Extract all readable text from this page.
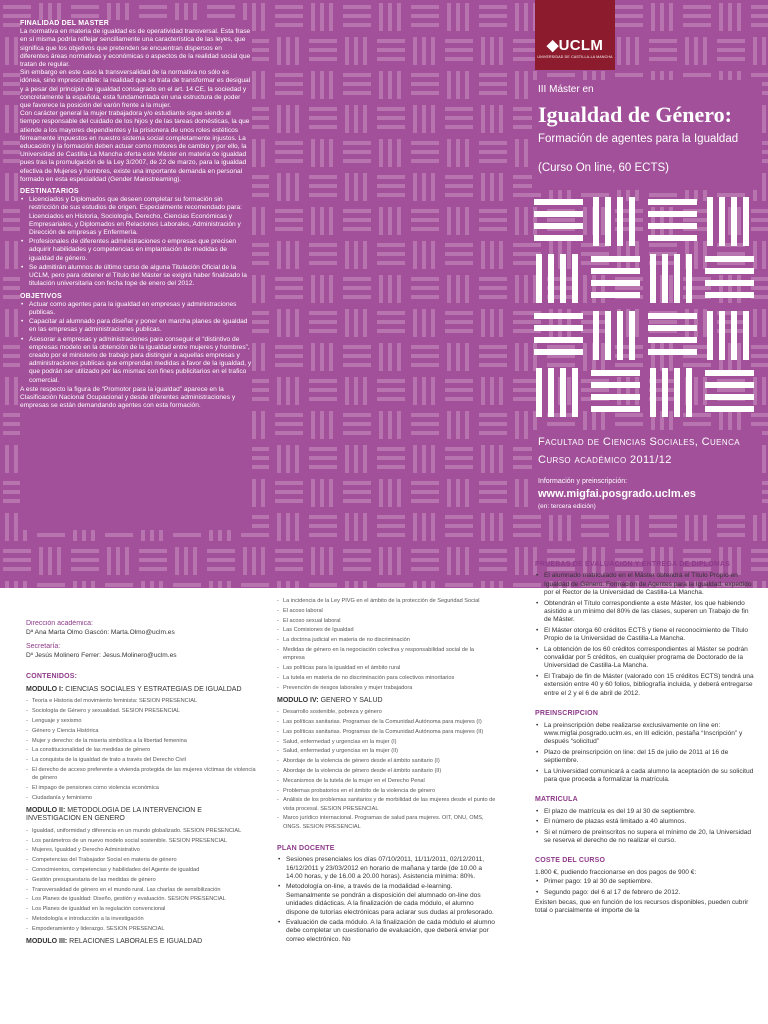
FINALIDAD DEL MASTER

La normativa en materia de igualdad es de operatividad transversal. Esta frase en sí misma podría reflejar sencillamente una característica de las leyes, que significa que los objetivos que pretenden se encuentran dispersos en diferentes áreas normativas y económicas o aspectos de la realidad social que tratan de regular.

Sin embargo en este caso la transversalidad de la normativa no sólo es idónea, sino imprescindible: la realidad que se trata de transformar es desigual y a pesar del principio de igualdad consagrado en el art. 14 CE, la sociedad y concretamente la española, esta fundamentada en una estructura de poder que favorece la posición del varón frente a la mujer.

Con carácter general la mujer trabajadora y/o estudiante sigue siendo al tiempo responsable del cuidado de los hijos y de las tareas domésticas, la que atiende a los mayores dependientes y la prisionera de unos roles estéticos férreamente impuestos en nuestro sistema social completamente injustos. La educación y la formación deben actuar como motores de cambio y por ello, la Universidad de Castilla-La Mancha oferta este Máster en materia de igualdad pues tras la promulgación de la Ley 3/2007, de 22 de marzo, para la igualdad efectiva de Mujeres y hombres, existe una importante demanda en personal formado en esta especialidad (Gender Mainstreaming).

DESTINATARIOS
• Licenciados y Diplomados que deseen completar su formación sin restricción de sus estudios de origen. Especialmente recomendado para: Licenciados en Historia, Sociología, Derecho, Ciencias Económicas y Empresariales, y Diplomados en Relaciones Laborales, Administración y Dirección de empresas y Enfermería.
• Profesionales de diferentes administraciones o empresas que precisen adquirir habilidades y competencias en implantación de medidas de igualdad de género.
• Se admitirán alumnos de último curso de alguna Titulación Oficial de la UCLM, pero para obtener el Título del Máster se exigirá haber finalizado la titulación universitaria con fecha tope de enero del 2012.
OBJETIVOS
• Actuar como agentes para la igualdad en empresas y administraciones publicas.
• Capacitar al alumnado para diseñar y poner en marcha planes de igualdad en las empresas y administraciones publicas.
• Asesorar a empresas y administraciones para conseguir el “distintivo de empresas modelo en la obtención de la igualdad entre mujeres y hombres”, creado por el ministerio de trabajo para distinguir a aquellas empresas y administraciones publicas que emprendan medidas a favor de la igualdad, y que podrán ser utilizado por las mismas con fines publicitarios en el trafico comercial.

A este respecto la figura de “Promotor para la igualdad” aparece en la Clasificación Nacional Ocupacional y desde diferentes administraciones y empresas se están demandando agentes con esta formación.

◆UCLM
UNIVERSIDAD DE CASTILLA-LA MANCHA
III Máster en
Igualdad de Género:
Formación de agentes para la Igualdad
(Curso On line, 60 ECTS)
Facultad de Ciencias Sociales, Cuenca
Curso académico 2011/12
Información y preinscripción:
www.migfai.posgrado.uclm.es
(en: tercera edición)
Dirección académica:

Dª Ana Marta Olmo Gascón: Marta.Olmo@uclm.es

Secretaría:

Dº Jesús Molinero Ferrer: Jesus.Molinero@uclm.es

CONTENIDOS:
MODULO I: CIENCIAS SOCIALES Y ESTRATEGIAS DE IGUALDAD
- Teoría e Historia del movimiento feminista: SESION PRESENCIAL
- Sociología de Género y sexualidad. SESION PRESENCIAL
- Lenguaje y sexismo
- Género y Ciencia Histórica
- Mujer y derecho: de la miseria simbólica a la libertad femenina
- La constitucionalidad de las medidas de género
- La conquista de la igualdad de trato a través del Derecho Civil
- El derecho de acceso preferente a vivienda protegida de las mujeres víctimas de violencia de género
- El impago de pensiones como violencia económica
- Ciudadanía y feminismo
MODULO II: METODOLOGIA DE LA INTERVENCION E INVESTIGACION EN GENERO
- Igualdad, uniformidad y diferencia en un mundo globalizado. SESION PRESENCIAL
- Los parámetros de un nuevo modelo social sostenible. SESION PRESENCIAL
- Mujeres, Igualdad y Derecho Administrativo
- Competencias del Trabajador Social en materia de género
- Conocimientos, competencias y habilidades del Agente de igualdad
- Gestión presupuestaria de las medidas de género
- Transversalidad de género en el mundo rural. Las charlas de sensibilización
- Los Planes de igualdad: Diseño, gestión y evaluación. SESION PRESENCIAL
- Los Planes de igualdad en la regulación convencional
- Metodología e introducción a la investigación
- Empoderamiento y liderazgo. SESION PRESENCIAL
MODULO III: RELACIONES LABORALES E IGUALDAD
- La incidencia de la Ley PIVG en el ámbito de la protección de Seguridad Social
- El acoso laboral
- El acoso sexual laboral
- Las Comisiones de Igualdad
- La doctrina judicial en materia de no discriminación
- Medidas de género en la negociación colectiva y responsabilidad social de la empresa
- Las políticas para la igualdad en el ámbito rural
- La tutela en materia de no discriminación para colectivos minoritarios
- Prevención de riesgos laborales y mujer trabajadora
MODULO IV: GENERO Y SALUD
- Desarrollo sostenible, pobreza y género
- Las políticas sanitarias. Programas de la Comunidad Autónoma para mujeres (I)
- Las políticas sanitarias. Programas de la Comunidad Autónoma para mujeres (II)
- Salud, enfermedad y urgencias en la mujer (I)
- Salud, enfermedad y urgencias en la mujer (II)
- Abordaje de la violencia de género desde el ámbito sanitario (I)
- Abordaje de la violencia de género desde el ámbito sanitario (II)
- Mecanismos de la tutela de la mujer en el Derecho Penal
- Problemas probatorios en el ámbito de la violencia de género
- Análisis de los problemas sanitarios y de morbilidad de las mujeres desde el punto de vista procesal. SESION PRESENCIAL
- Marco jurídico internacional. Programas de salud para mujeres. OIT, ONU, OMS, ONGS. SESION PRESENCIAL
PLAN DOCENTE
• Sesiones presenciales los días 07/10/2011, 11/11/2011, 02/12/2011, 16/12/2011 y 23/03/2012 en horario de mañana y tarde (de 10.00 a 14.00 horas, y de 16.00 a 20.00 horas). Asistencia mínima: 80%.
• Metodología on-line, a través de la modalidad e-learning. Semanalmente se pondrán a disposición del alumnado on-line dos unidades didácticas. A la finalización de cada módulo, el alumno dispone de tutorías electrónicas para aclarar sus dudas al profesorado.
• Evaluación de cada módulo. A la finalización de cada módulo el alumno debe completar un cuestionario de evaluación, que deberá enviar por correo electrónico. No
PRUEBAS DE EVALUACION Y ENTREGA DE DIPLOMAS
• El alumnado matriculado en el Máster obtendrá el Título Propio en Igualdad de Género. Formación de Agentes para la Igualdad, expedido por el Rector de la Universidad de Castilla-La Mancha.
• Obtendrán el Título correspondiente a este Máster, los que habiendo asistido a un mínimo del 80% de las clases, superen un Trabajo de fin de Máster.
• El Máster otorga 60 créditos ECTS y tiene el reconocimiento de Título Propio de la Universidad de Castilla-La Mancha.
• La obtención de los 60 créditos correspondientes al Máster se podrán convalidar por 5 créditos, en cualquier programa de Doctorado de la Universidad de Castilla-La Mancha.
• El Trabajo de fin de Máster (valorado con 15 créditos ECTS) tendrá una extensión entre 40 y 60 folios, bibliografía incluida, y deberá entregarse entre el 2 y el 6 de abril de 2012.
PREINSCRIPCION
• La preinscripción debe realizarse exclusivamente on line en: www.migfai.posgrado.uclm.es, en III edición, pestaña “Inscripción” y después “solicitud”
• Plazo de preinscripción on line: del 15 de julio de 2011 al 16 de septiembre.
• La Universidad comunicará a cada alumno la aceptación de su solicitud para que proceda a formalizar la matrícula.
MATRICULA
• El plazo de matrícula es del 19 al 30 de septiembre.
• El número de plazas está limitado a 40 alumnos.
• Si el número de preinscritos no supera el mínimo de 20, la Universidad se reserva el derecho de no realizar el curso.
COSTE DEL CURSO

1.800 €, pudiendo fraccionarse en dos pagos de 900 €:

• Primer pago: 19 al 30 de septiembre.
• Segundo pago: del 6 al 17 de febrero de 2012.

Existen becas, que en función de los recursos disponibles, pueden cubrir total o parcialmente el importe de la
